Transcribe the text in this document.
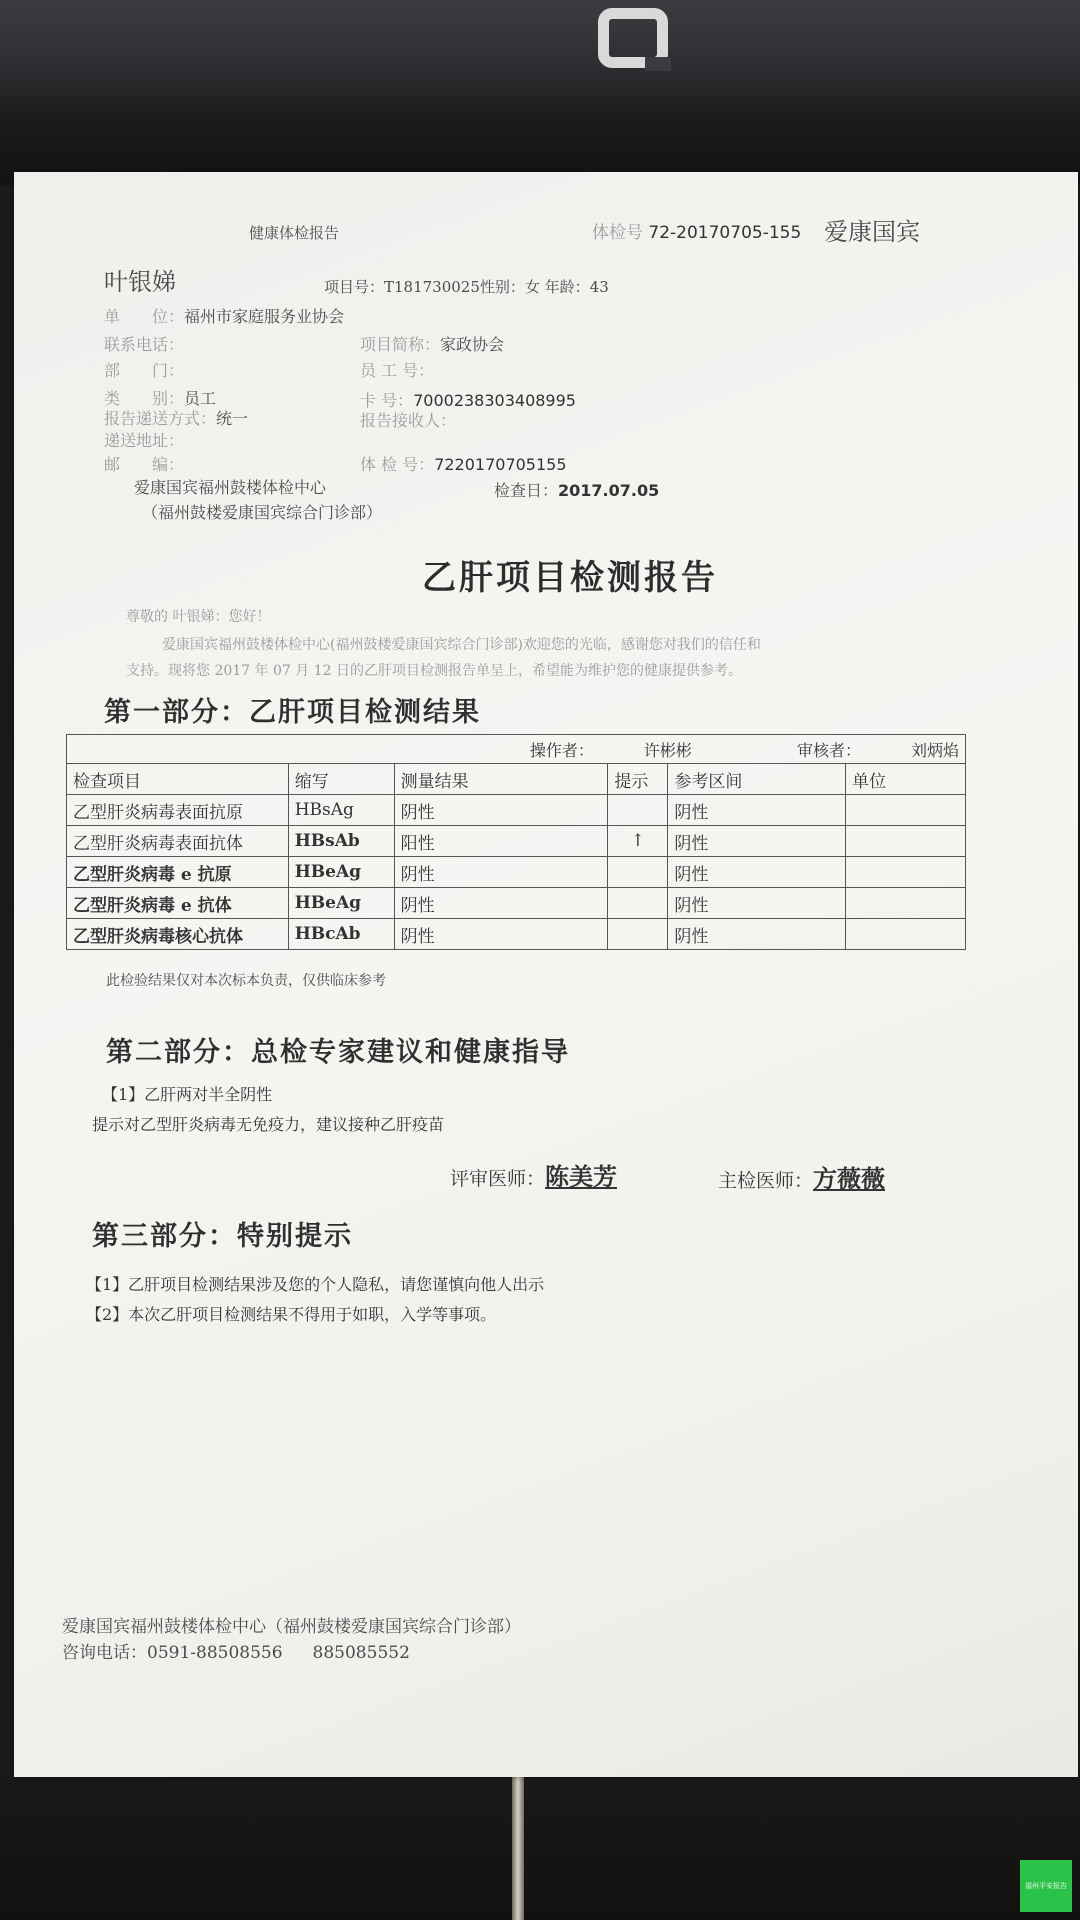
健康体检报告	体检号 72-20170705-155 爱康国宾
叶银娣	项目号：T181730025性别：女 年龄：43
单　　位：福州市家庭服务业协会
联系电话：	项目简称：家政协会
部　　门：	员 工 号：
类　　别：员工	卡 号：7000238303408995
报告递送方式：统一	报告接收人：
递送地址：
邮　　编：	体 检 号：7220170705155
爱康国宾福州鼓楼体检中心
（福州鼓楼爱康国宾综合门诊部）
检查日：2017.07.05
乙肝项目检测报告
尊敬的 叶银娣：您好！
爱康国宾福州鼓楼体检中心(福州鼓楼爱康国宾综合门诊部)欢迎您的光临，感谢您对我们的信任和
支持。现将您 2017 年 07 月 12 日的乙肝项目检测报告单呈上，希望能为维护您的健康提供参考。
第一部分：乙肝项目检测结果
操作者： 许彬彬 审核者： 刘炳焰					
检查项目	缩写	测量结果	提示	参考区间	单位
乙型肝炎病毒表面抗原	HBsAg	阴性		阴性	
乙型肝炎病毒表面抗体	HBsAb	阳性	↑	阴性	
乙型肝炎病毒 e 抗原	HBeAg	阴性		阴性	
乙型肝炎病毒 e 抗体	HBeAg	阴性		阴性	
乙型肝炎病毒核心抗体	HBcAb	阴性		阴性	
此检验结果仅对本次标本负责，仅供临床参考
第二部分：总检专家建议和健康指导
【1】乙肝两对半全阴性
提示对乙型肝炎病毒无免疫力，建议接种乙肝疫苗
评审医师：陈美芳	主检医师：方薇薇
第三部分：特别提示
【1】乙肝项目检测结果涉及您的个人隐私，请您谨慎向他人出示
【2】本次乙肝项目检测结果不得用于如职，入学等事项。
爱康国宾福州鼓楼体检中心（福州鼓楼爱康国宾综合门诊部）
咨询电话：0591-88508556 885085552
福州平安报告
